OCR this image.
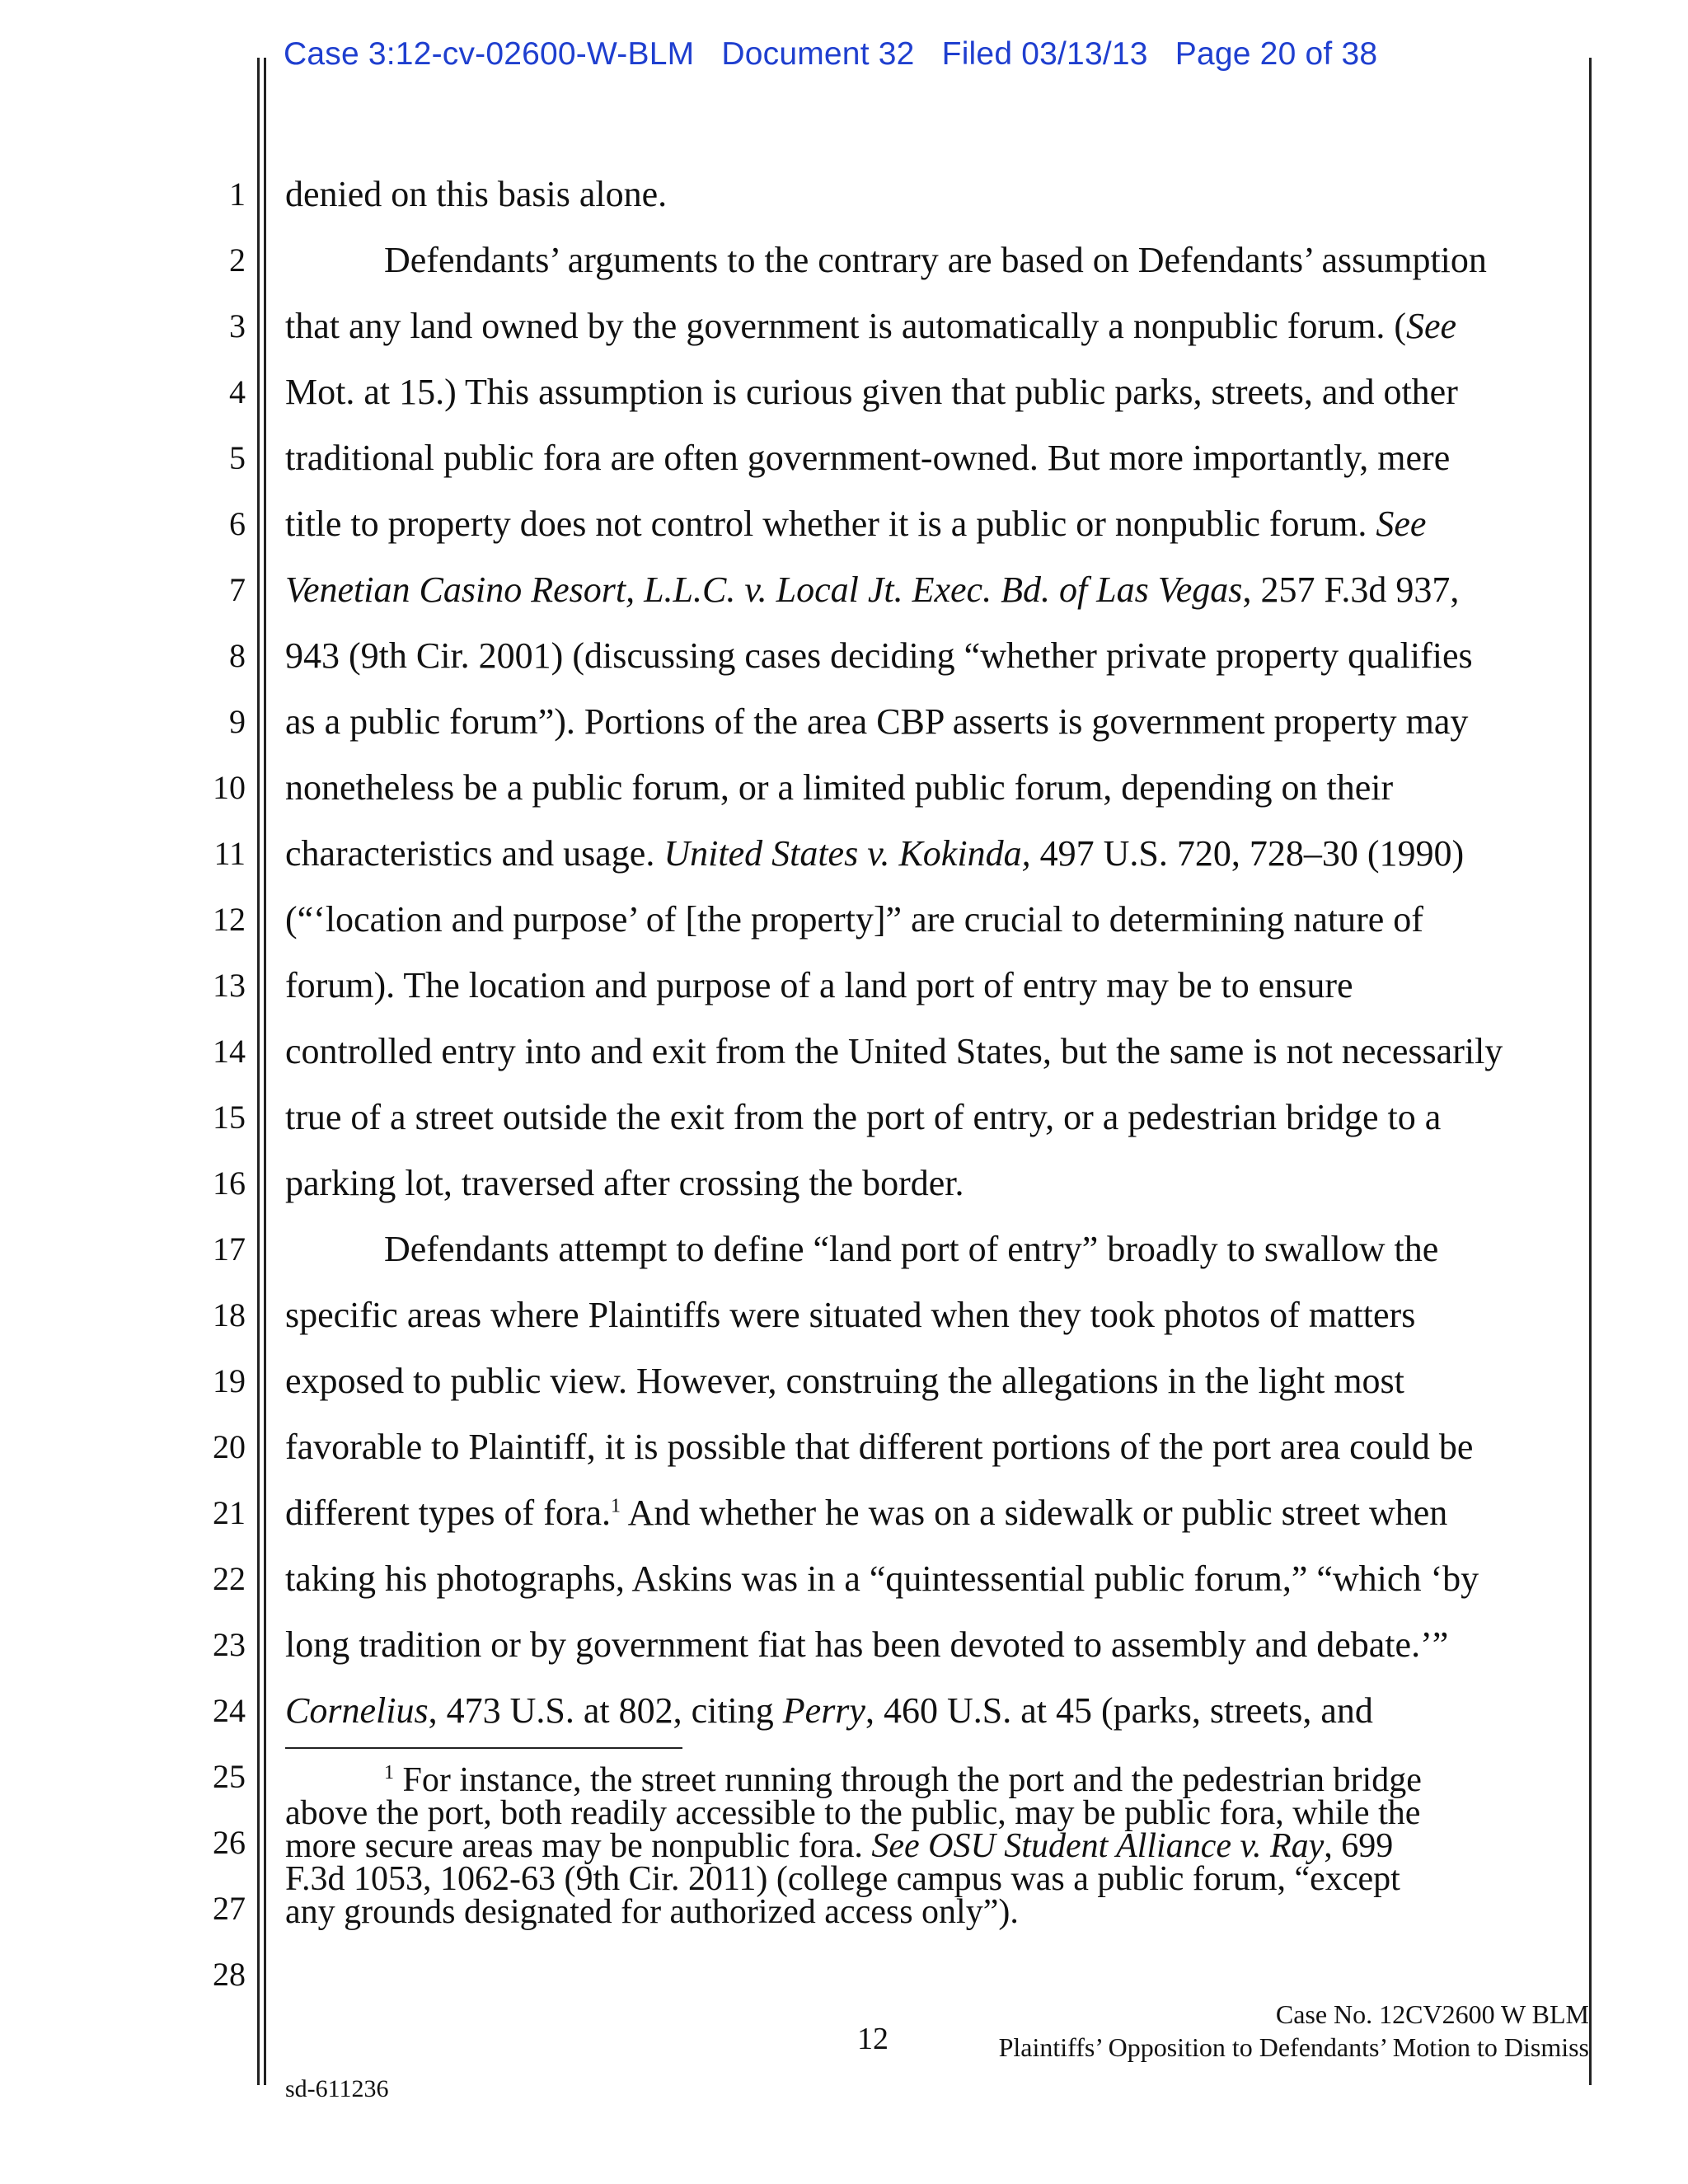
Case 3:12-cv-02600-W-BLM Document 32 Filed 03/13/13 Page 20 of 38
1
2
3
4
5
6
7
8
9
10
11
12
13
14
15
16
17
18
19
20
21
22
23
24
25
26
27
28
denied on this basis alone.
Defendants’ arguments to the contrary are based on Defendants’ assumption
that any land owned by the government is automatically a nonpublic forum. (See
Mot. at 15.) This assumption is curious given that public parks, streets, and other
traditional public fora are often government-owned. But more importantly, mere
title to property does not control whether it is a public or nonpublic forum. See
Venetian Casino Resort, L.L.C. v. Local Jt. Exec. Bd. of Las Vegas, 257 F.3d 937,
943 (9th Cir. 2001) (discussing cases deciding “whether private property qualifies
as a public forum”). Portions of the area CBP asserts is government property may
nonetheless be a public forum, or a limited public forum, depending on their
characteristics and usage. United States v. Kokinda, 497 U.S. 720, 728–30 (1990)
(“‘location and purpose’ of [the property]” are crucial to determining nature of
forum). The location and purpose of a land port of entry may be to ensure
controlled entry into and exit from the United States, but the same is not necessarily
true of a street outside the exit from the port of entry, or a pedestrian bridge to a
parking lot, traversed after crossing the border.
Defendants attempt to define “land port of entry” broadly to swallow the
specific areas where Plaintiffs were situated when they took photos of matters
exposed to public view. However, construing the allegations in the light most
favorable to Plaintiff, it is possible that different portions of the port area could be
different types of fora.$^1$ And whether he was on a sidewalk or public street when
taking his photographs, Askins was in a “quintessential public forum,” “which ‘by
long tradition or by government fiat has been devoted to assembly and debate.’”
Cornelius, 473 U.S. at 802, citing Perry, 460 U.S. at 45 (parks, streets, and
$^1$ For instance, the street running through the port and the pedestrian bridge
above the port, both readily accessible to the public, may be public fora, while the
more secure areas may be nonpublic fora. See OSU Student Alliance v. Ray, 699
F.3d 1053, 1062-63 (9th Cir. 2011) (college campus was a public forum, “except
any grounds designated for authorized access only”).
12
Case No. 12CV2600 W BLM
Plaintiffs’ Opposition to Defendants’ Motion to Dismiss
sd-611236
